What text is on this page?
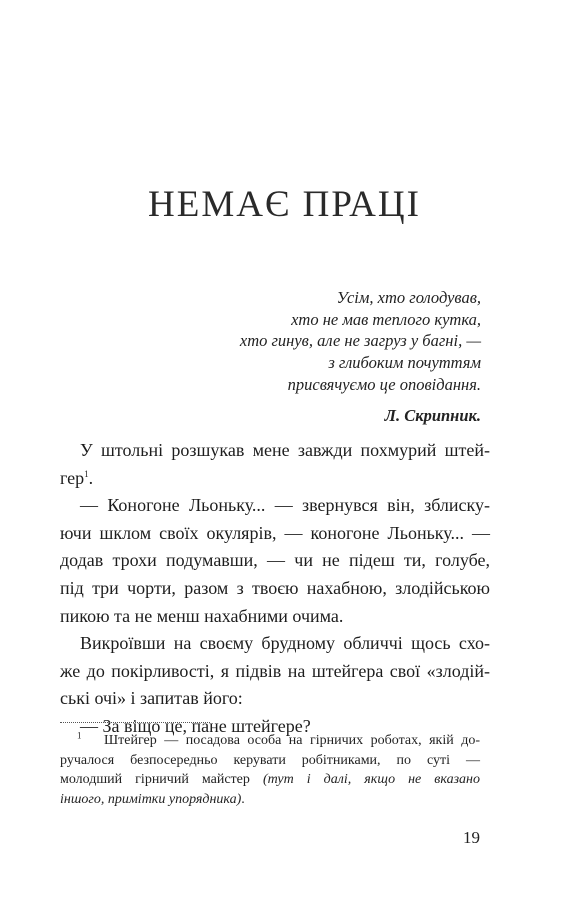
НЕМАЄ ПРАЦІ
Усім, хто голодував,
хто не мав теплого кутка,
хто гинув, але не загруз у багні, —
з глибоким почуттям
присвячуємо це оповідання.
Л. Скрипник.
У штольні розшукав мене завжди похмурий штей-
гер$^1$.
— Коногоне Льоньку... — звернувся він, зблиску-
ючи шклом своїх окулярів, — коногоне Льоньку... —
додав трохи подумавши, — чи не підеш ти, голубе,
під три чорти, разом з твоєю нахабною, злодійською
пикою та не менш нахабними очима.
Викроївши на своєму брудному обличчі щось схо-
же до покірливості, я підвів на штейгера свої «злодій-
ські очі» і запитав його:
— За віщо це, пане штейгере?
$^1$ Штейгер — посадова особа на гірничих роботах, якій до-
ручалося безпосередньо керувати робітниками, по суті —
молодший гірничий майстер (тут і далі, якщо не вказано
іншого, примітки упорядника).
19
